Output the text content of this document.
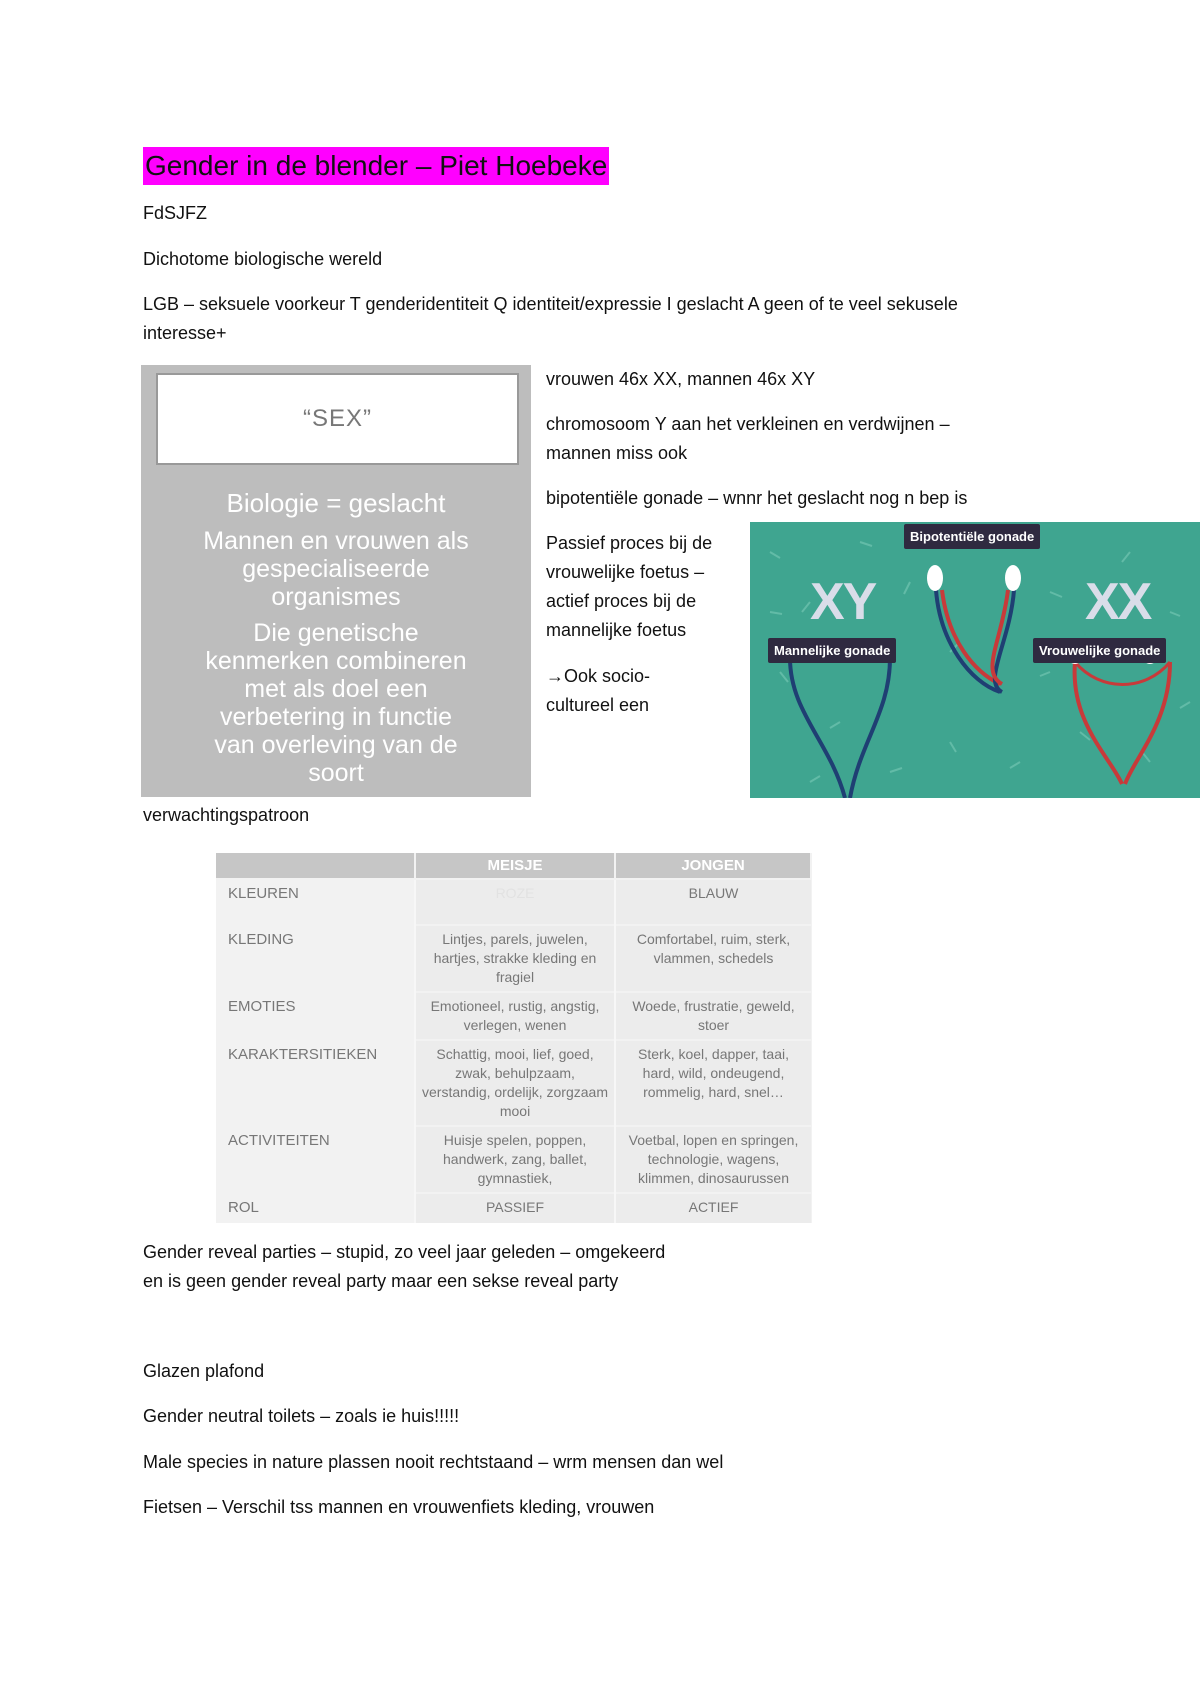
Gender in de blender – Piet Hoebeke
FdSJFZ
Dichotome biologische wereld
LGB – seksuele voorkeur T genderidentiteit Q identiteit/expressie I geslacht A geen of te veel sekusele
interesse+
“SEX”
Biologie = geslacht
Mannen en vrouwen als
gespecialiseerde
organismes
Die genetische
kenmerken combineren
met als doel een
verbetering in functie
van overleving van de
soort
vrouwen 46x XX, mannen 46x XY
chromosoom Y aan het verkleinen en verdwijnen –
mannen miss ook
bipotentiële gonade – wnnr het geslacht nog n bep is
Passief proces bij de
vrouwelijke foetus –
actief proces bij de
mannelijke foetus
→Ook socio-
cultureel een
XY	XX
Bipotentiële gonade
Mannelijke gonade	Vrouwelijke gonade
verwachtingspatroon
	MEISJE	JONGEN
KLEUREN	ROZE	BLAUW
KLEDING	Lintjes, parels, juwelen, hartjes, strakke kleding en fragiel	Comfortabel, ruim, sterk, vlammen, schedels
EMOTIES	Emotioneel, rustig, angstig, verlegen, wenen	Woede, frustratie, geweld, stoer
KARAKTERSITIEKEN	Schattig, mooi, lief, goed, zwak, behulpzaam, verstandig, ordelijk, zorgzaam mooi	Sterk, koel, dapper, taai, hard, wild, ondeugend, rommelig, hard, snel…
ACTIVITEITEN	Huisje spelen, poppen, handwerk, zang, ballet, gymnastiek,	Voetbal, lopen en springen, technologie, wagens, klimmen, dinosaurussen
ROL	PASSIEF	ACTIEF
Gender reveal parties – stupid, zo veel jaar geleden – omgekeerd
en is geen gender reveal party maar een sekse reveal party
Glazen plafond
Gender neutral toilets – zoals ie huis!!!!!
Male species in nature plassen nooit rechtstaand – wrm mensen dan wel
Fietsen – Verschil tss mannen en vrouwenfiets kleding, vrouwen
